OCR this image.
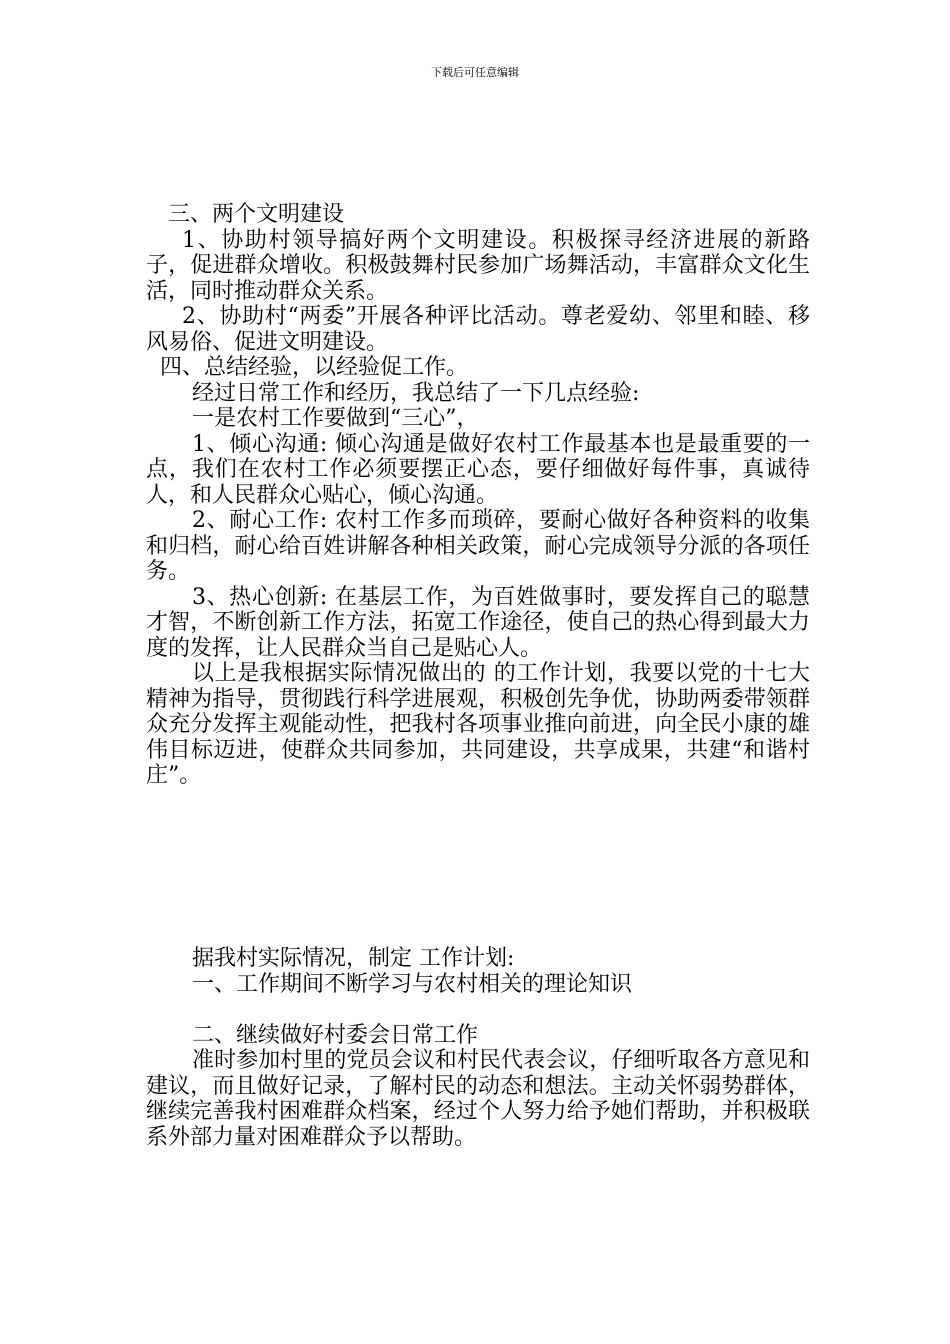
下载后可任意编辑
三、两个文明建设
1、协助村领导搞好两个文明建设。积极探寻经济进展的新路子，促进群众增收。积极鼓舞村民参加广场舞活动，丰富群众文化生活，同时推动群众关系。
2、协助村“两委”开展各种评比活动。尊老爱幼、邻里和睦、移风易俗、促进文明建设。
四、总结经验，以经验促工作。
经过日常工作和经历，我总结了一下几点经验:
一是农村工作要做到“三心”，
1、倾心沟通: 倾心沟通是做好农村工作最基本也是最重要的一点，我们在农村工作必须要摆正心态，要仔细做好每件事，真诚待人，和人民群众心贴心，倾心沟通。
2、耐心工作: 农村工作多而琐碎，要耐心做好各种资料的收集和归档，耐心给百姓讲解各种相关政策，耐心完成领导分派的各项任务。
3、热心创新: 在基层工作，为百姓做事时，要发挥自己的聪慧才智，不断创新工作方法，拓宽工作途径，使自己的热心得到最大力度的发挥，让人民群众当自己是贴心人。
以上是我根据实际情况做出的 的工作计划，我要以党的十七大精神为指导，贯彻践行科学进展观，积极创先争优，协助两委带领群众充分发挥主观能动性，把我村各项事业推向前进，向全民小康的雄伟目标迈进，使群众共同参加，共同建设，共享成果，共建“和谐村庄”。
据我村实际情况，制定 工作计划:
一、工作期间不断学习与农村相关的理论知识
二、继续做好村委会日常工作
准时参加村里的党员会议和村民代表会议，仔细听取各方意见和建议，而且做好记录，了解村民的动态和想法。主动关怀弱势群体，继续完善我村困难群众档案，经过个人努力给予她们帮助，并积极联系外部力量对困难群众予以帮助。
